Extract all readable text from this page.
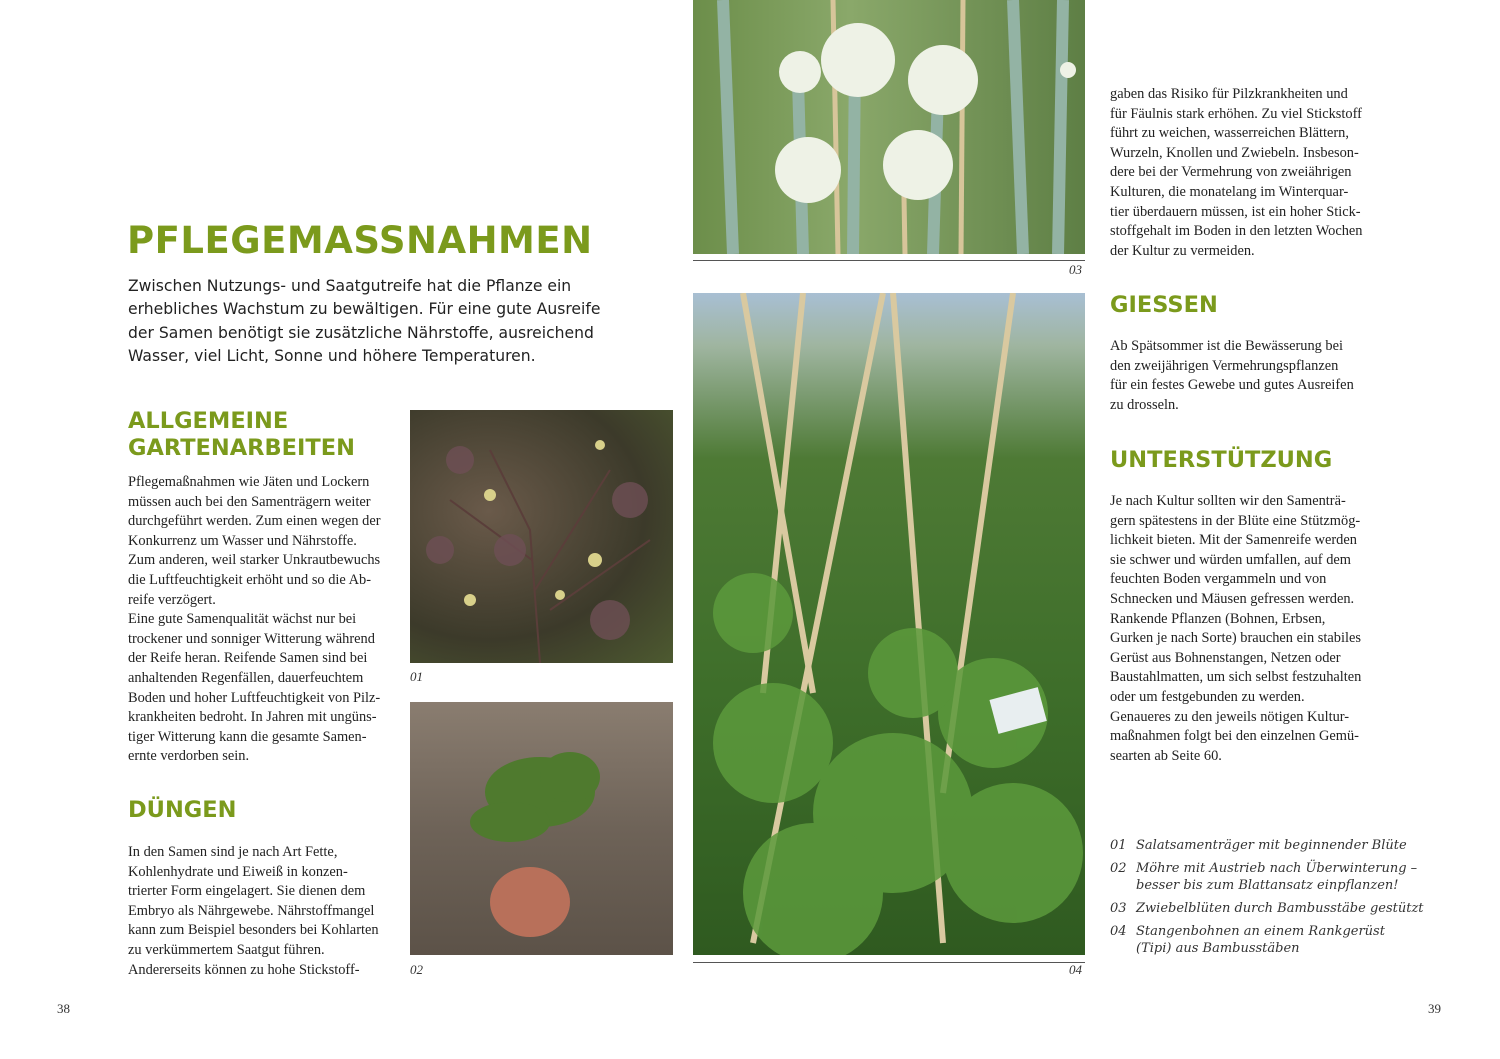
PFLEGEMASSNAHMEN
Zwischen Nutzungs- und Saatgutreife hat die Pflanze ein
erhebliches Wachstum zu bewältigen. Für eine gute Ausreife
der Samen benötigt sie zusätzliche Nährstoffe, ausreichend
Wasser, viel Licht, Sonne und höhere Temperaturen.
ALLGEMEINE
GARTENARBEITEN
Pflegemaßnahmen wie Jäten und Lockern
müssen auch bei den Samenträgern weiter
durchgeführt werden. Zum einen wegen der
Konkurrenz um Wasser und Nährstoffe.
Zum anderen, weil starker Unkrautbewuchs
die Luftfeuchtigkeit erhöht und so die Ab-
reife verzögert.
Eine gute Samenqualität wächst nur bei
trockener und sonniger Witterung während
der Reife heran. Reifende Samen sind bei
anhaltenden Regenfällen, dauerfeuchtem
Boden und hoher Luftfeuchtigkeit von Pilz-
krankheiten bedroht. In Jahren mit ungüns-
tiger Witterung kann die gesamte Samen-
ernte verdorben sein.
DÜNGEN
In den Samen sind je nach Art Fette,
Kohlenhydrate und Eiweiß in konzen-
trierter Form eingelagert. Sie dienen dem
Embryo als Nährgewebe. Nährstoffmangel
kann zum Beispiel besonders bei Kohlarten
zu verkümmertem Saatgut führen.
Andererseits können zu hohe Stickstoff-
01
02
03
04
gaben das Risiko für Pilzkrankheiten und
für Fäulnis stark erhöhen. Zu viel Stickstoff
führt zu weichen, wasserreichen Blättern,
Wurzeln, Knollen und Zwiebeln. Insbeson-
dere bei der Vermehrung von zweiährigen
Kulturen, die monatelang im Winterquar-
tier überdauern müssen, ist ein hoher Stick-
stoffgehalt im Boden in den letzten Wochen
der Kultur zu vermeiden.
GIESSEN
Ab Spätsommer ist die Bewässerung bei
den zweijährigen Vermehrungspflanzen
für ein festes Gewebe und gutes Ausreifen
zu drosseln.
UNTERSTÜTZUNG
Je nach Kultur sollten wir den Samenträ-
gern spätestens in der Blüte eine Stützmög-
lichkeit bieten. Mit der Samenreife werden
sie schwer und würden umfallen, auf dem
feuchten Boden vergammeln und von
Schnecken und Mäusen gefressen werden.
Rankende Pflanzen (Bohnen, Erbsen,
Gurken je nach Sorte) brauchen ein stabiles
Gerüst aus Bohnenstangen, Netzen oder
Baustahlmatten, um sich selbst festzuhalten
oder um festgebunden zu werden.
Genaueres zu den jeweils nötigen Kultur-
maßnahmen folgt bei den einzelnen Gemü-
searten ab Seite 60.
01 Salatsamenträger mit beginnender Blüte
02 Möhre mit Austrieb nach Überwinterung –
besser bis zum Blattansatz einpflanzen!
03 Zwiebelblüten durch Bambusstäbe gestützt
04 Stangenbohnen an einem Rankgerüst
(Tipi) aus Bambusstäben
38	39
